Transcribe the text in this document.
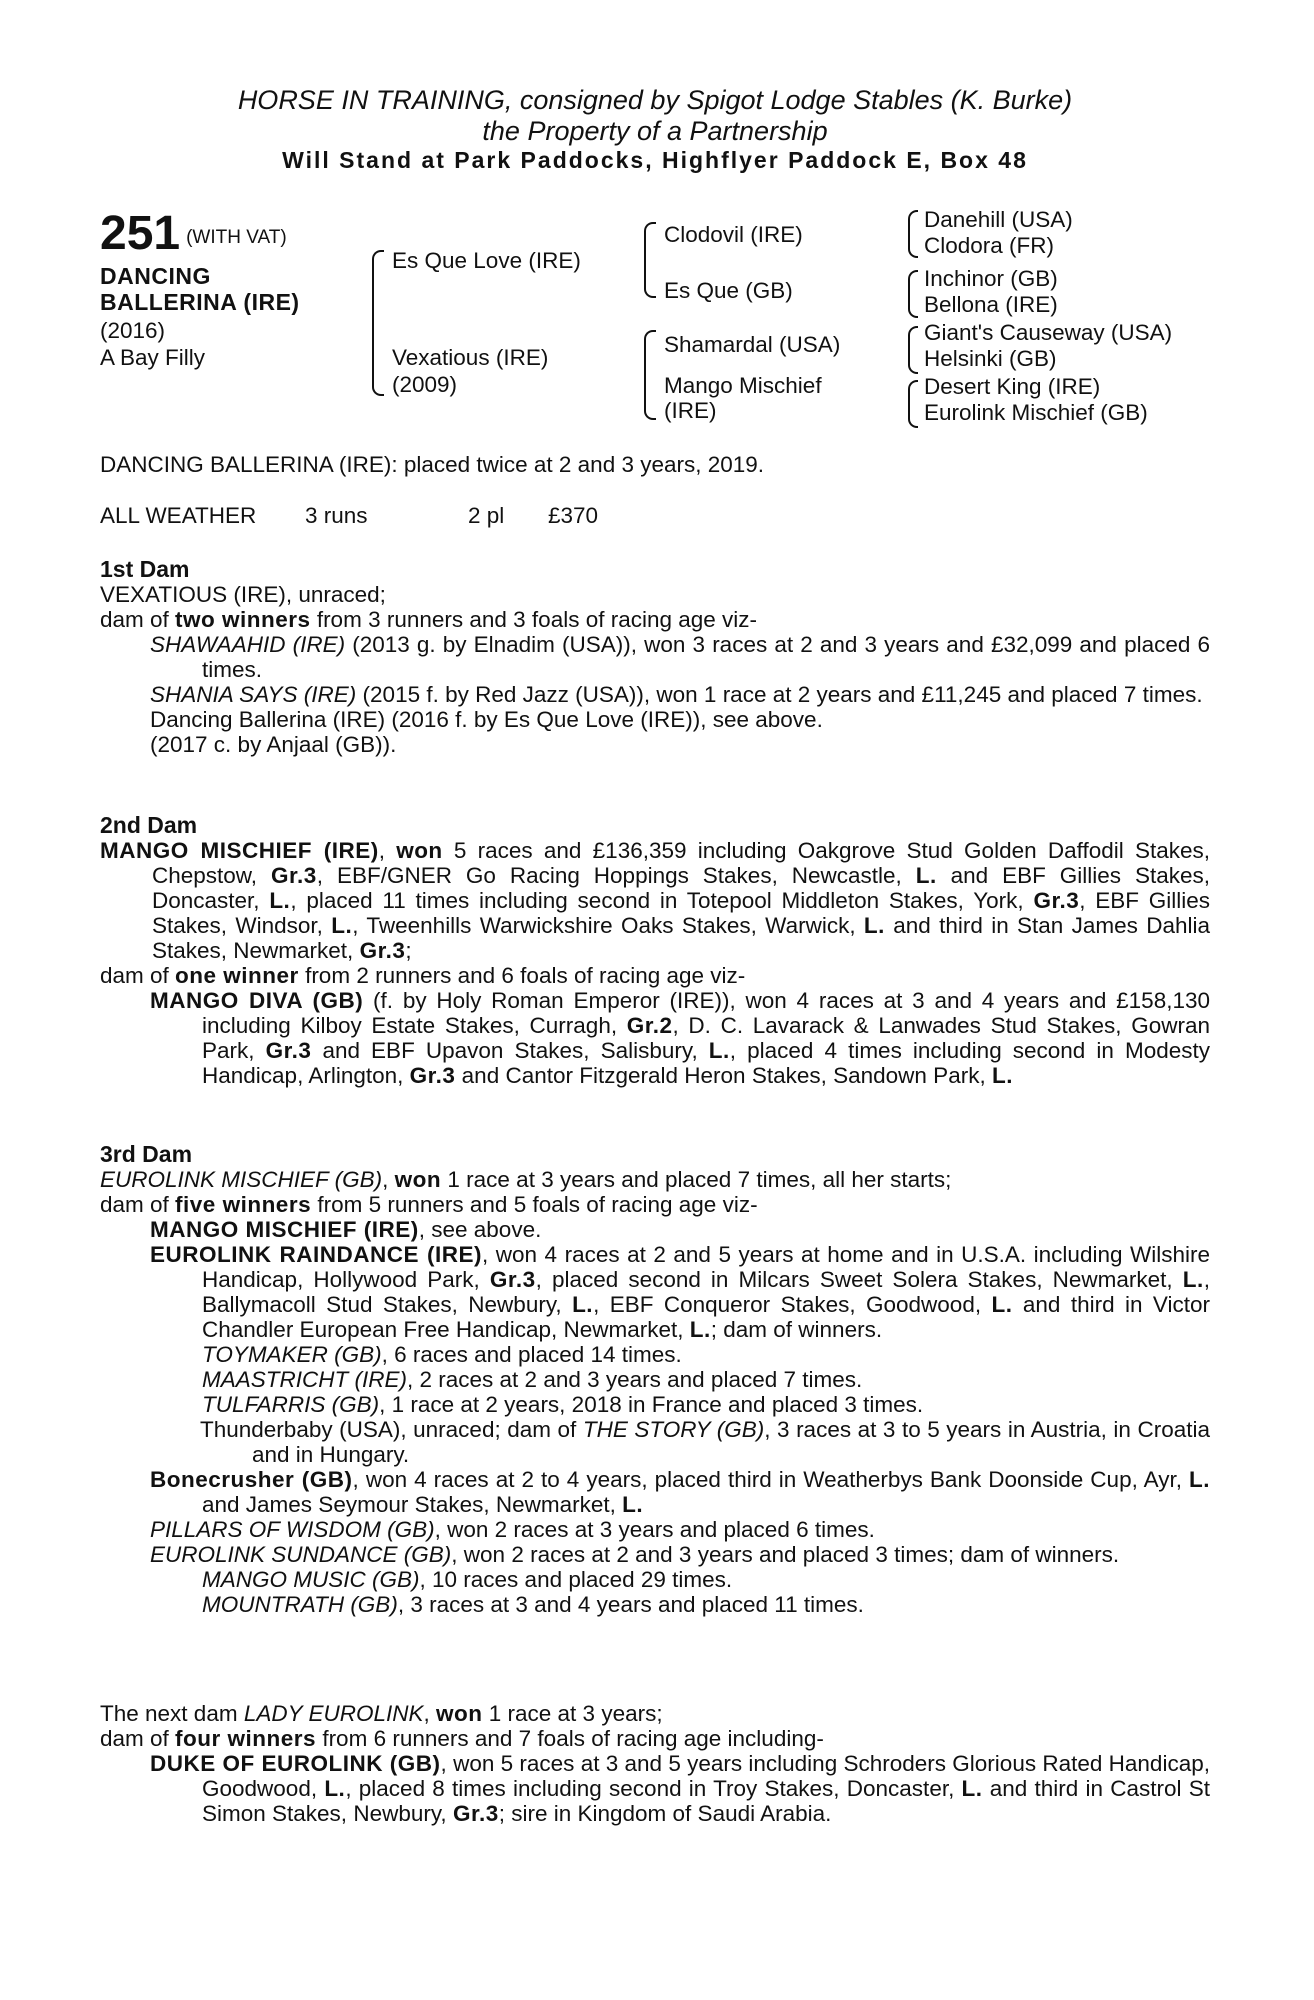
HORSE IN TRAINING, consigned by Spigot Lodge Stables (K. Burke)
the Property of a Partnership
Will Stand at Park Paddocks, Highflyer Paddock E, Box 48
251 $^{(WITH VAT)}$
DANCING
BALLERINA (IRE)
(2016)
A Bay Filly
Es Que Love (IRE)
Vexatious (IRE)
(2009)
Clodovil (IRE)
Es Que (GB)
Shamardal (USA)
Mango Mischief
(IRE)
Danehill (USA)
Clodora (FR)
Inchinor (GB)
Bellona (IRE)
Giant's Causeway (USA)
Helsinki (GB)
Desert King (IRE)
Eurolink Mischief (GB)
DANCING BALLERINA (IRE): placed twice at 2 and 3 years, 2019.
ALL WEATHER 3 runs	2 pl £370
1st Dam
VEXATIOUS (IRE), unraced;
dam of two winners from 3 runners and 3 foals of racing age viz-
SHAWAAHID (IRE) (2013 g. by Elnadim (USA)), won 3 races at 2 and 3 years and £32,099 and placed 6 times.
SHANIA SAYS (IRE) (2015 f. by Red Jazz (USA)), won 1 race at 2 years and £11,245 and placed 7 times.
Dancing Ballerina (IRE) (2016 f. by Es Que Love (IRE)), see above.
(2017 c. by Anjaal (GB)).
2nd Dam
MANGO MISCHIEF (IRE), won 5 races and £136,359 including Oakgrove Stud Golden Daffodil Stakes, Chepstow, Gr.3, EBF/GNER Go Racing Hoppings Stakes, Newcastle, L. and EBF Gillies Stakes, Doncaster, L., placed 11 times including second in Totepool Middleton Stakes, York, Gr.3, EBF Gillies Stakes, Windsor, L., Tweenhills Warwickshire Oaks Stakes, Warwick, L. and third in Stan James Dahlia Stakes, Newmarket, Gr.3;
dam of one winner from 2 runners and 6 foals of racing age viz-
MANGO DIVA (GB) (f. by Holy Roman Emperor (IRE)), won 4 races at 3 and 4 years and £158,130 including Kilboy Estate Stakes, Curragh, Gr.2, D. C. Lavarack & Lanwades Stud Stakes, Gowran Park, Gr.3 and EBF Upavon Stakes, Salisbury, L., placed 4 times including second in Modesty Handicap, Arlington, Gr.3 and Cantor Fitzgerald Heron Stakes, Sandown Park, L.
3rd Dam
EUROLINK MISCHIEF (GB), won 1 race at 3 years and placed 7 times, all her starts;
dam of five winners from 5 runners and 5 foals of racing age viz-
MANGO MISCHIEF (IRE), see above.
EUROLINK RAINDANCE (IRE), won 4 races at 2 and 5 years at home and in U.S.A. including Wilshire Handicap, Hollywood Park, Gr.3, placed second in Milcars Sweet Solera Stakes, Newmarket, L., Ballymacoll Stud Stakes, Newbury, L., EBF Conqueror Stakes, Goodwood, L. and third in Victor Chandler European Free Handicap, Newmarket, L.; dam of winners.
TOYMAKER (GB), 6 races and placed 14 times.
MAASTRICHT (IRE), 2 races at 2 and 3 years and placed 7 times.
TULFARRIS (GB), 1 race at 2 years, 2018 in France and placed 3 times.
Thunderbaby (USA), unraced; dam of THE STORY (GB), 3 races at 3 to 5 years in Austria, in Croatia and in Hungary.
Bonecrusher (GB), won 4 races at 2 to 4 years, placed third in Weatherbys Bank Doonside Cup, Ayr, L. and James Seymour Stakes, Newmarket, L.
PILLARS OF WISDOM (GB), won 2 races at 3 years and placed 6 times.
EUROLINK SUNDANCE (GB), won 2 races at 2 and 3 years and placed 3 times; dam of winners.
MANGO MUSIC (GB), 10 races and placed 29 times.
MOUNTRATH (GB), 3 races at 3 and 4 years and placed 11 times.
The next dam LADY EUROLINK, won 1 race at 3 years;
dam of four winners from 6 runners and 7 foals of racing age including-
DUKE OF EUROLINK (GB), won 5 races at 3 and 5 years including Schroders Glorious Rated Handicap, Goodwood, L., placed 8 times including second in Troy Stakes, Doncaster, L. and third in Castrol St Simon Stakes, Newbury, Gr.3; sire in Kingdom of Saudi Arabia.
